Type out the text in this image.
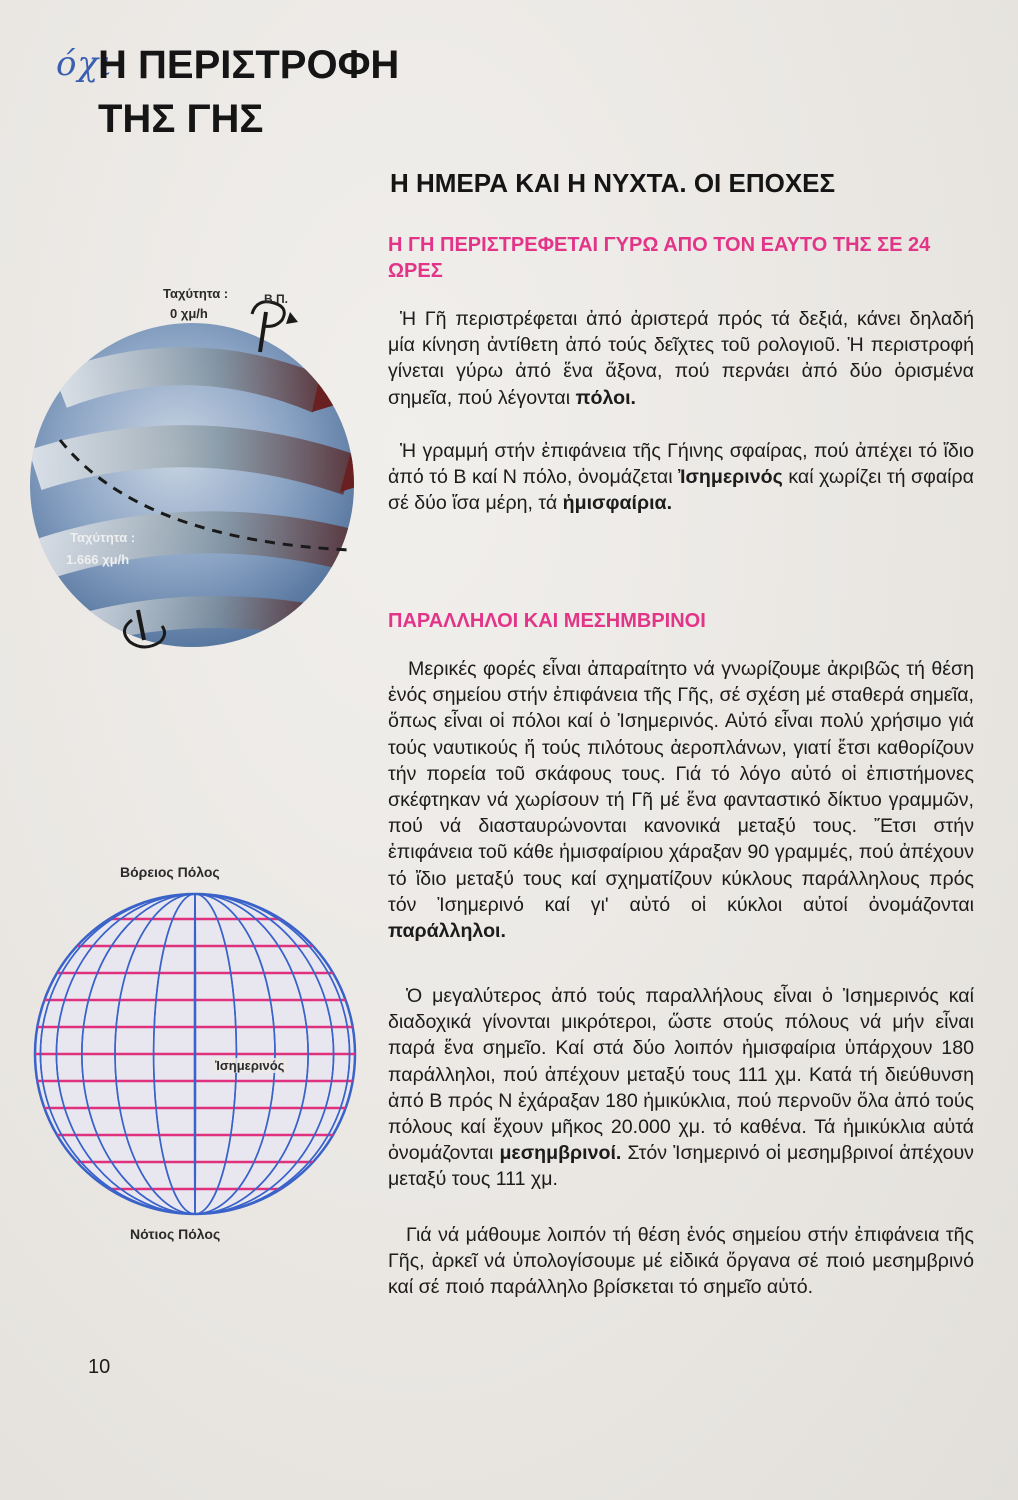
όχι
Η ΠΕΡΙΣΤΡΟΦΗ
ΤΗΣ ΓΗΣ
Η ΗΜΕΡΑ ΚΑΙ Η ΝΥΧΤΑ. ΟΙ ΕΠΟΧΕΣ
Η ΓΗ ΠΕΡΙΣΤΡΕΦΕΤΑΙ ΓΥΡΩ ΑΠΟ ΤΟΝ ΕΑΥΤΟ ΤΗΣ ΣΕ 24 ΩΡΕΣ

Ἡ Γῆ περιστρέφεται ἀπό ἀριστερά πρός τά δεξιά, κάνει δηλαδή μία κίνηση ἀντίθετη ἀπό τούς δεῖχτες τοῦ ρολογιοῦ. Ἡ περιστροφή γίνεται γύρω ἀπό ἕνα ἄξονα, πού περνάει ἀπό δύο ὁρισμένα σημεῖα, πού λέγονται πόλοι.

Ἡ γραμμή στήν ἐπιφάνεια τῆς Γήινης σφαίρας, πού ἀπέχει τό ἴδιο ἀπό τό Β καί Ν πόλο, ὀνομάζεται Ἰσημερινός καί χωρίζει τή σφαίρα σέ δύο ἴσα μέρη, τά ἡμισφαίρια.

ΠΑΡΑΛΛΗΛΟΙ ΚΑΙ ΜΕΣΗΜΒΡΙΝΟΙ

Μερικές φορές εἶναι ἀπαραίτητο νά γνωρίζουμε ἀκριβῶς τή θέση ἑνός σημείου στήν ἐπιφάνεια τῆς Γῆς, σέ σχέση μέ σταθερά σημεῖα, ὅπως εἶναι οἱ πόλοι καί ὁ Ἰσημερινός. Αὐτό εἶναι πολύ χρήσιμο γιά τούς ναυτικούς ἤ τούς πιλότους ἀεροπλάνων, γιατί ἔτσι καθορίζουν τήν πορεία τοῦ σκάφους τους. Γιά τό λόγο αὐτό οἱ ἐπιστήμονες σκέφτηκαν νά χωρίσουν τή Γῆ μέ ἕνα φανταστικό δίκτυο γραμμῶν, πού νά διασταυρώνονται κανονικά μεταξύ τους. Ἔτσι στήν ἐπιφάνεια τοῦ κάθε ἡμισφαίριου χάραξαν 90 γραμμές, πού ἀπέχουν τό ἴδιο μεταξύ τους καί σχηματίζουν κύκλους παράλληλους πρός τόν Ἰσημερινό καί γι' αὐτό οἱ κύκλοι αὐτοί ὀνομάζονται παράλληλοι.

Ὁ μεγαλύτερος ἀπό τούς παραλλήλους εἶναι ὁ Ἰσημερινός καί διαδοχικά γίνονται μικρότεροι, ὥστε στούς πόλους νά μήν εἶναι παρά ἕνα σημεῖο. Καί στά δύο λοιπόν ἡμισφαίρια ὑπάρχουν 180 παράλληλοι, πού ἀπέχουν μεταξύ τους 111 χμ. Κατά τή διεύθυνση ἀπό Β πρός Ν ἐχάραξαν 180 ἡμικύκλια, πού περνοῦν ὅλα ἀπό τούς πόλους καί ἔχουν μῆκος 20.000 χμ. τό καθένα. Τά ἡμικύκλια αὐτά ὀνομάζονται μεσημβρινοί. Στόν Ἰσημερινό οἱ μεσημβρινοί ἀπέχουν μεταξύ τους 111 χμ.

Γιά νά μάθουμε λοιπόν τή θέση ἑνός σημείου στήν ἐπιφάνεια τῆς Γῆς, ἀρκεῖ νά ὑπολογίσουμε μέ εἰδικά ὄργανα σέ ποιό μεσημβρινό καί σέ ποιό παράλληλο βρίσκεται τό σημεῖο αὐτό.

Ταχύτητα :
0 χμ/h
Β.Π.
Ταχύτητα :
1.666 χμ/h
Βόρειος Πόλος
Ἰσημερινός
Νότιος Πόλος
10
